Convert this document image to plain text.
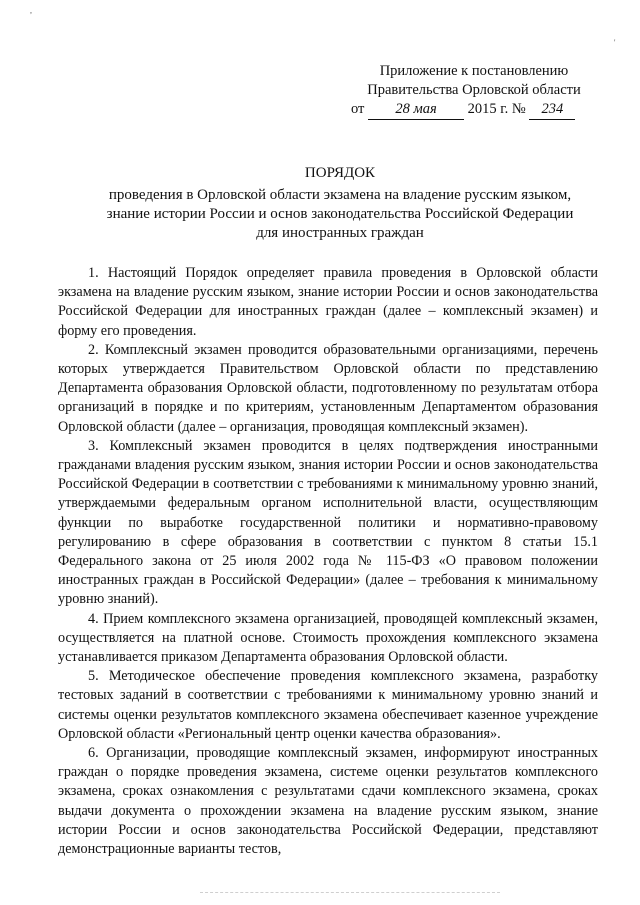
,
'
Приложение к постановлению
Правительства Орловской области
от 28 мая 2015 г. № 234
ПОРЯДОК
проведения в Орловской области экзамена на владение русским языком,
знание истории России и основ законодательства Российской Федерации
для иностранных граждан

1. Настоящий Порядок определяет правила проведения в Орловской области экзамена на владение русским языком, знание истории России и основ законодательства Российской Федерации для иностранных граждан (далее – комплексный экзамен) и форму его проведения.

2. Комплексный экзамен проводится образовательными организациями, перечень которых утверждается Правительством Орловской области по представлению Департамента образования Орловской области, подготовленному по результатам отбора организаций в порядке и по критериям, установленным Департаментом образования Орловской области (далее – организация, проводящая комплексный экзамен).

3. Комплексный экзамен проводится в целях подтверждения иностранными гражданами владения русским языком, знания истории России и основ законодательства Российской Федерации в соответствии с требованиями к минимальному уровню знаний, утверждаемыми федеральным органом исполнительной власти, осуществляющим функции по выработке государственной политики и нормативно-правовому регулированию в сфере образования в соответствии с пунктом 8 статьи 15.1 Федерального закона от 25 июля 2002 года № 115-ФЗ «О правовом положении иностранных граждан в Российской Федерации» (далее – требования к минимальному уровню знаний).

4. Прием комплексного экзамена организацией, проводящей комплексный экзамен, осуществляется на платной основе. Стоимость прохождения комплексного экзамена устанавливается приказом Департамента образования Орловской области.

5. Методическое обеспечение проведения комплексного экзамена, разработку тестовых заданий в соответствии с требованиями к минимальному уровню знаний и системы оценки результатов комплексного экзамена обеспечивает казенное учреждение Орловской области «Региональный центр оценки качества образования».

6. Организации, проводящие комплексный экзамен, информируют иностранных граждан о порядке проведения экзамена, системе оценки результатов комплексного экзамена, сроках ознакомления с результатами сдачи комплексного экзамена, сроках выдачи документа о прохождении экзамена на владение русским языком, знание истории России и основ законодательства Российской Федерации, представляют демонстрационные варианты тестов,
